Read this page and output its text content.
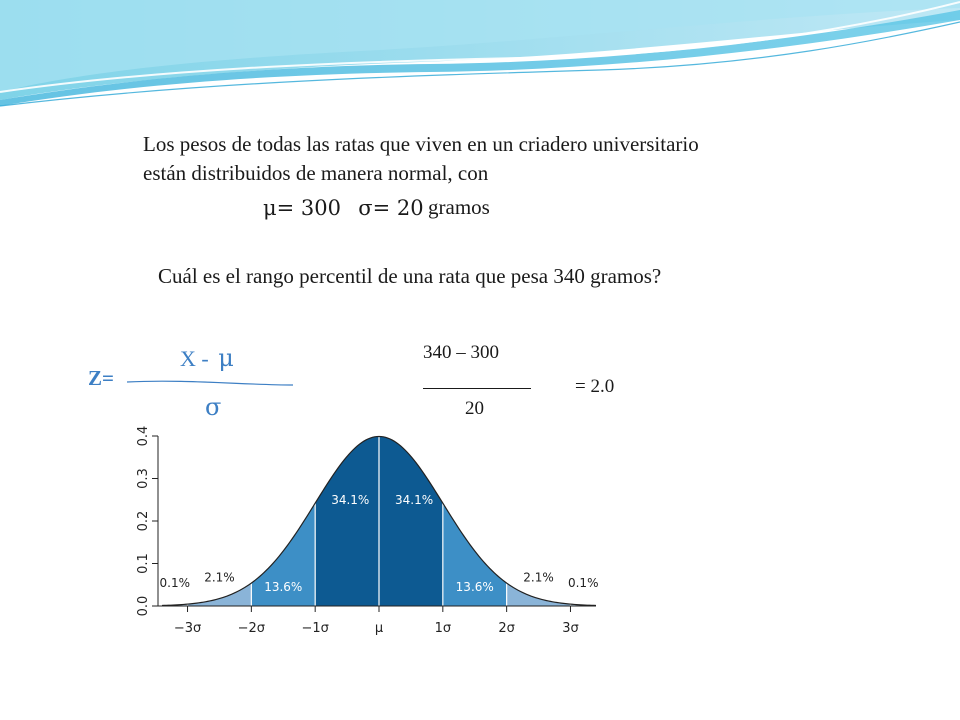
Los pesos de todas las ratas que viven en un criadero universitario
están distribuidos de manera normal, con
μ= 300 σ= 20 gramos
Cuál es el rango percentil de una rata que pesa 340 gramos?
Z=
X - μ
σ
340 – 300
= 2.0
20
0.0
0.1
0.2
0.3
0.4
−3σ	−2σ	−1σ	μ	1σ	2σ	3σ
0.1% 2.1%
13.6%
34.1% 34.1%
13.6%
2.1% 0.1%
